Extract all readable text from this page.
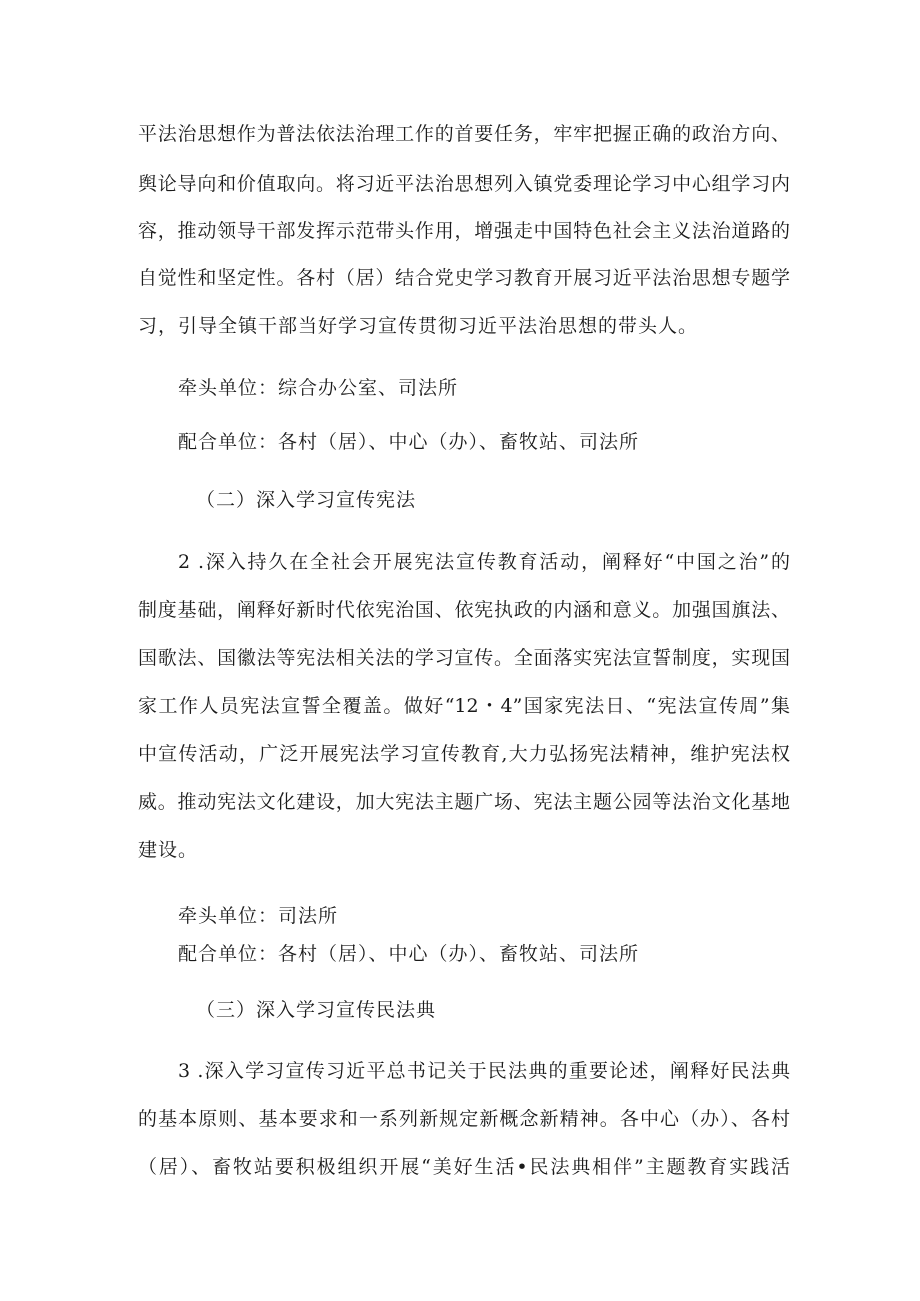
平法治思想作为普法依法治理工作的首要任务，牢牢把握正确的政治方向、
舆论导向和价值取向。将习近平法治思想列入镇党委理论学习中心组学习内
容，推动领导干部发挥示范带头作用，增强走中国特色社会主义法治道路的
自觉性和坚定性。各村（居）结合党史学习教育开展习近平法治思想专题学
习，引导全镇干部当好学习宣传贯彻习近平法治思想的带头人。
牵头单位：综合办公室、司法所
配合单位：各村（居）、中心（办）、畜牧站、司法所
（二）深入学习宣传宪法
2 .深入持久在全社会开展宪法宣传教育活动，阐释好“中国之治”的
制度基础，阐释好新时代依宪治国、依宪执政的内涵和意义。加强国旗法、
国歌法、国徽法等宪法相关法的学习宣传。全面落实宪法宣誓制度，实现国
家工作人员宪法宣誓全覆盖。做好“12・4”国家宪法日、“宪法宣传周”集
中宣传活动，广泛开展宪法学习宣传教育,大力弘扬宪法精神，维护宪法权
威。推动宪法文化建设，加大宪法主题广场、宪法主题公园等法治文化基地
建设。
牵头单位：司法所
配合单位：各村（居）、中心（办）、畜牧站、司法所
（三）深入学习宣传民法典
3 .深入学习宣传习近平总书记关于民法典的重要论述，阐释好民法典
的基本原则、基本要求和一系列新规定新概念新精神。各中心（办）、各村
（居）、畜牧站要积极组织开展“美好生活•民法典相伴”主题教育实践活
